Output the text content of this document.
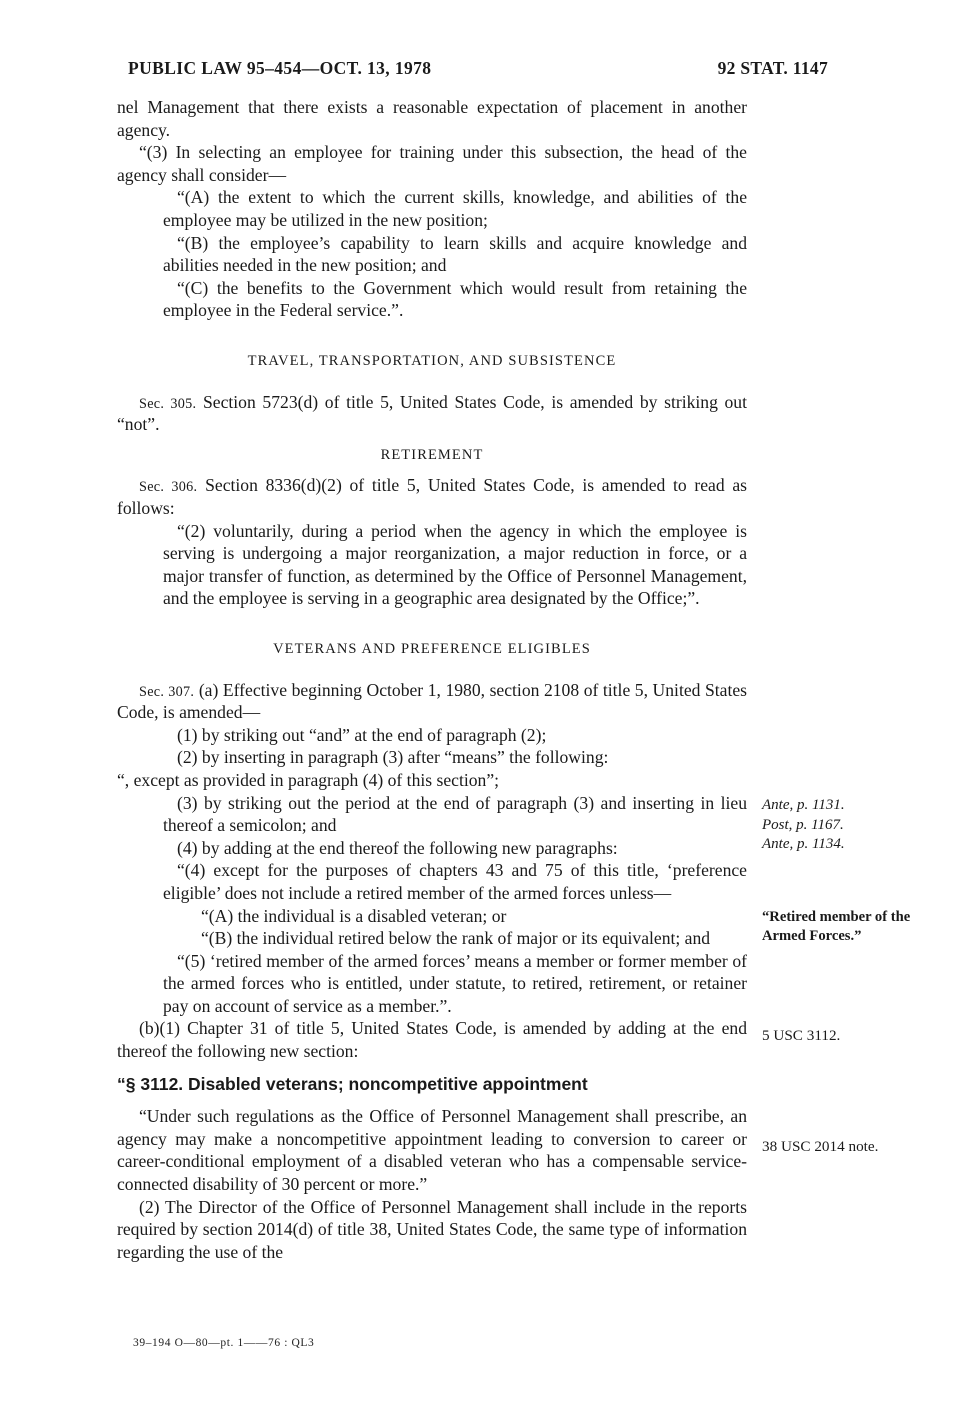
PUBLIC LAW 95–454—OCT. 13, 1978	92 STAT. 1147

nel Management that there exists a reasonable expectation of placement in another agency.

“(3) In selecting an employee for training under this subsection, the head of the agency shall consider—

“(A) the extent to which the current skills, knowledge, and abilities of the employee may be utilized in the new position;

“(B) the employee’s capability to learn skills and acquire knowledge and abilities needed in the new position; and

“(C) the benefits to the Government which would result from retaining the employee in the Federal service.”.

TRAVEL, TRANSPORTATION, AND SUBSISTENCE

Sec. 305. Section 5723(d) of title 5, United States Code, is amended by striking out “not”.

RETIREMENT

Sec. 306. Section 8336(d)(2) of title 5, United States Code, is amended to read as follows:

“(2) voluntarily, during a period when the agency in which the employee is serving is undergoing a major reorganization, a major reduction in force, or a major transfer of function, as determined by the Office of Personnel Management, and the employee is serving in a geographic area designated by the Office;”.

VETERANS AND PREFERENCE ELIGIBLES

Sec. 307. (a) Effective beginning October 1, 1980, section 2108 of title 5, United States Code, is amended—

(1) by striking out “and” at the end of paragraph (2);

(2) by inserting in paragraph (3) after “means” the following:

“, except as provided in paragraph (4) of this section”;

(3) by striking out the period at the end of paragraph (3) and inserting in lieu thereof a semicolon; and

(4) by adding at the end thereof the following new paragraphs:

“(4) except for the purposes of chapters 43 and 75 of this title, ‘preference eligible’ does not include a retired member of the armed forces unless—

“(A) the individual is a disabled veteran; or

“(B) the individual retired below the rank of major or its equivalent; and

“(5) ‘retired member of the armed forces’ means a member or former member of the armed forces who is entitled, under statute, to retired, retirement, or retainer pay on account of service as a member.”.

(b)(1) Chapter 31 of title 5, United States Code, is amended by adding at the end thereof the following new section:

“§ 3112. Disabled veterans; noncompetitive appointment

“Under such regulations as the Office of Personnel Management shall prescribe, an agency may make a noncompetitive appointment leading to conversion to career or career-conditional employment of a disabled veteran who has a compensable service-connected disability of 30 percent or more.”

(2) The Director of the Office of Personnel Management shall include in the reports required by section 2014(d) of title 38, United States Code, the same type of information regarding the use of the

Ante, p. 1131.
Post, p. 1167.
Ante, p. 1134.
“Retired member of the Armed Forces.”
5 USC 3112.
38 USC 2014 note.
39–194 O—80—pt. 1——76 : QL3
